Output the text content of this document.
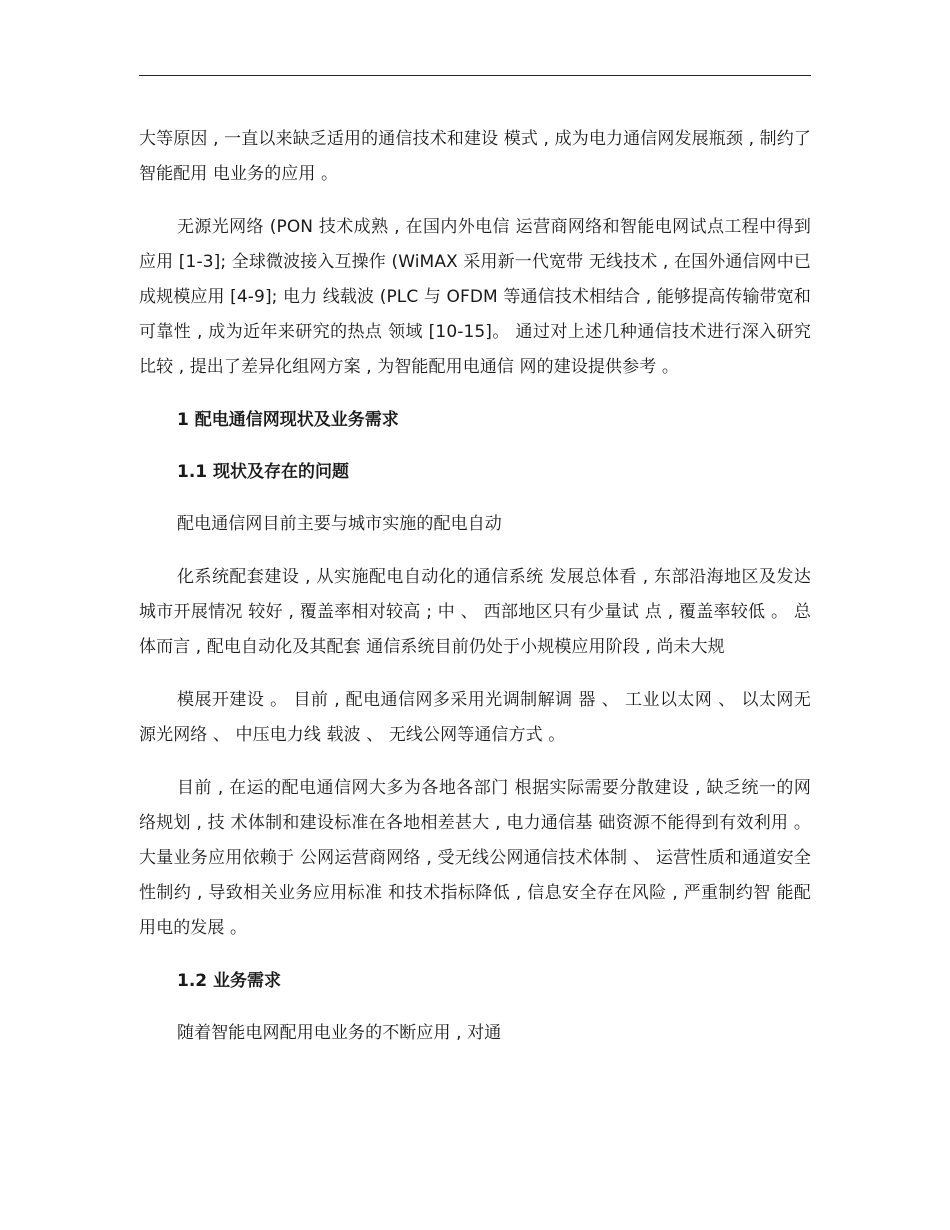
大等原因 , 一直以来缺乏适用的通信技术和建设 模式 , 成为电力通信网发展瓶颈 , 制约了智能配用 电业务的应用 。

无源光网络 (PON 技术成熟 , 在国内外电信 运营商网络和智能电网试点工程中得到应用 [1-3]; 全球微波接入互操作 (WiMAX 采用新一代宽带 无线技术 , 在国外通信网中已成规模应用 [4-9]; 电力 线载波 (PLC 与 OFDM 等通信技术相结合 , 能够提高传输带宽和可靠性 , 成为近年来研究的热点 领域 [10-15]。 通过对上述几种通信技术进行深入研究 比较 , 提出了差异化组网方案 , 为智能配用电通信 网的建设提供参考 。

1 配电通信网现状及业务需求
1.1 现状及存在的问题

配电通信网目前主要与城市实施的配电自动

化系统配套建设 , 从实施配电自动化的通信系统 发展总体看 , 东部沿海地区及发达城市开展情况 较好 , 覆盖率相对较高 ; 中 、 西部地区只有少量试 点 , 覆盖率较低 。 总体而言 , 配电自动化及其配套 通信系统目前仍处于小规模应用阶段 , 尚未大规

模展开建设 。 目前 , 配电通信网多采用光调制解调 器 、 工业以太网 、 以太网无源光网络 、 中压电力线 载波 、 无线公网等通信方式 。

目前 , 在运的配电通信网大多为各地各部门 根据实际需要分散建设 , 缺乏统一的网络规划 , 技 术体制和建设标准在各地相差甚大 , 电力通信基 础资源不能得到有效利用 。 大量业务应用依赖于 公网运营商网络 , 受无线公网通信技术体制 、 运营性质和通道安全性制约 , 导致相关业务应用标准 和技术指标降低 , 信息安全存在风险 , 严重制约智 能配用电的发展 。

1.2 业务需求

随着智能电网配用电业务的不断应用 , 对通
